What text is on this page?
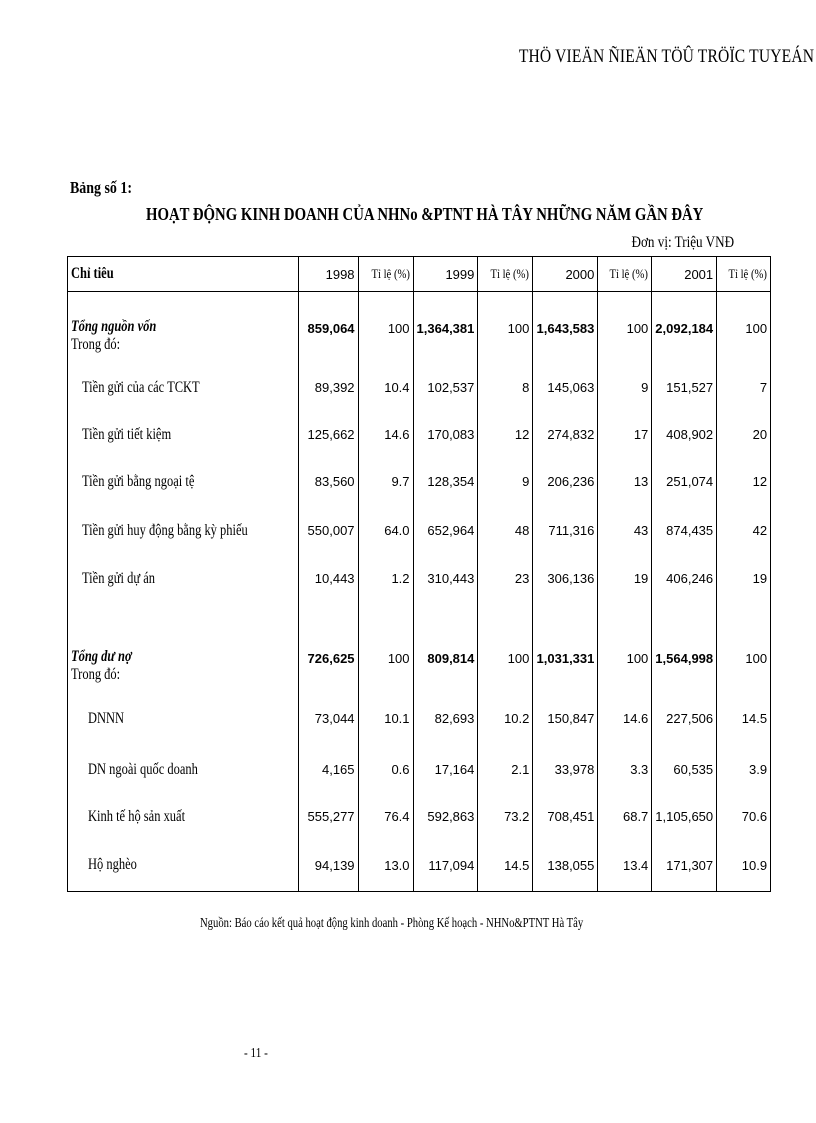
THÖ VIEÄN ÑIEÄN TÖÛ TRÖÏC TUYEÁN
Bảng số 1:
HOẠT ĐỘNG KINH DOANH CỦA NHNo &PTNT HÀ TÂY NHỮNG NĂM GẦN ĐÂY
Đơn vị: Triệu VNĐ
Chỉ tiêu	1998	Tỉ lệ (%)	1999	Tỉ lệ (%)	2000	Tỉ lệ (%)	2001	Tỉ lệ (%)
Tổng nguồn vốn	859,064	100	1,364,381	100	1,643,583	100	2,092,184	100
Trong đó:								
Tiền gửi của các TCKT	89,392	10.4	102,537	8	145,063	9	151,527	7
Tiền gửi tiết kiệm	125,662	14.6	170,083	12	274,832	17	408,902	20
Tiền gửi bằng ngoại tệ	83,560	9.7	128,354	9	206,236	13	251,074	12
Tiền gửi huy động bằng kỳ phiếu	550,007	64.0	652,964	48	711,316	43	874,435	42
Tiền gửi dự án	10,443	1.2	310,443	23	306,136	19	406,246	19

Tổng dư nợ	726,625	100	809,814	100	1,031,331	100	1,564,998	100
Trong đó:								
DNNN	73,044	10.1	82,693	10.2	150,847	14.6	227,506	14.5
DN ngoài quốc doanh	4,165	0.6	17,164	2.1	33,978	3.3	60,535	3.9
Kinh tế hộ sản xuất	555,277	76.4	592,863	73.2	708,451	68.7	1,105,650	70.6
Hộ nghèo	94,139	13.0	117,094	14.5	138,055	13.4	171,307	10.9
Nguồn: Báo cáo kết quả hoạt động kinh doanh - Phòng Kế hoạch - NHNo&PTNT Hà Tây
- 11 -
